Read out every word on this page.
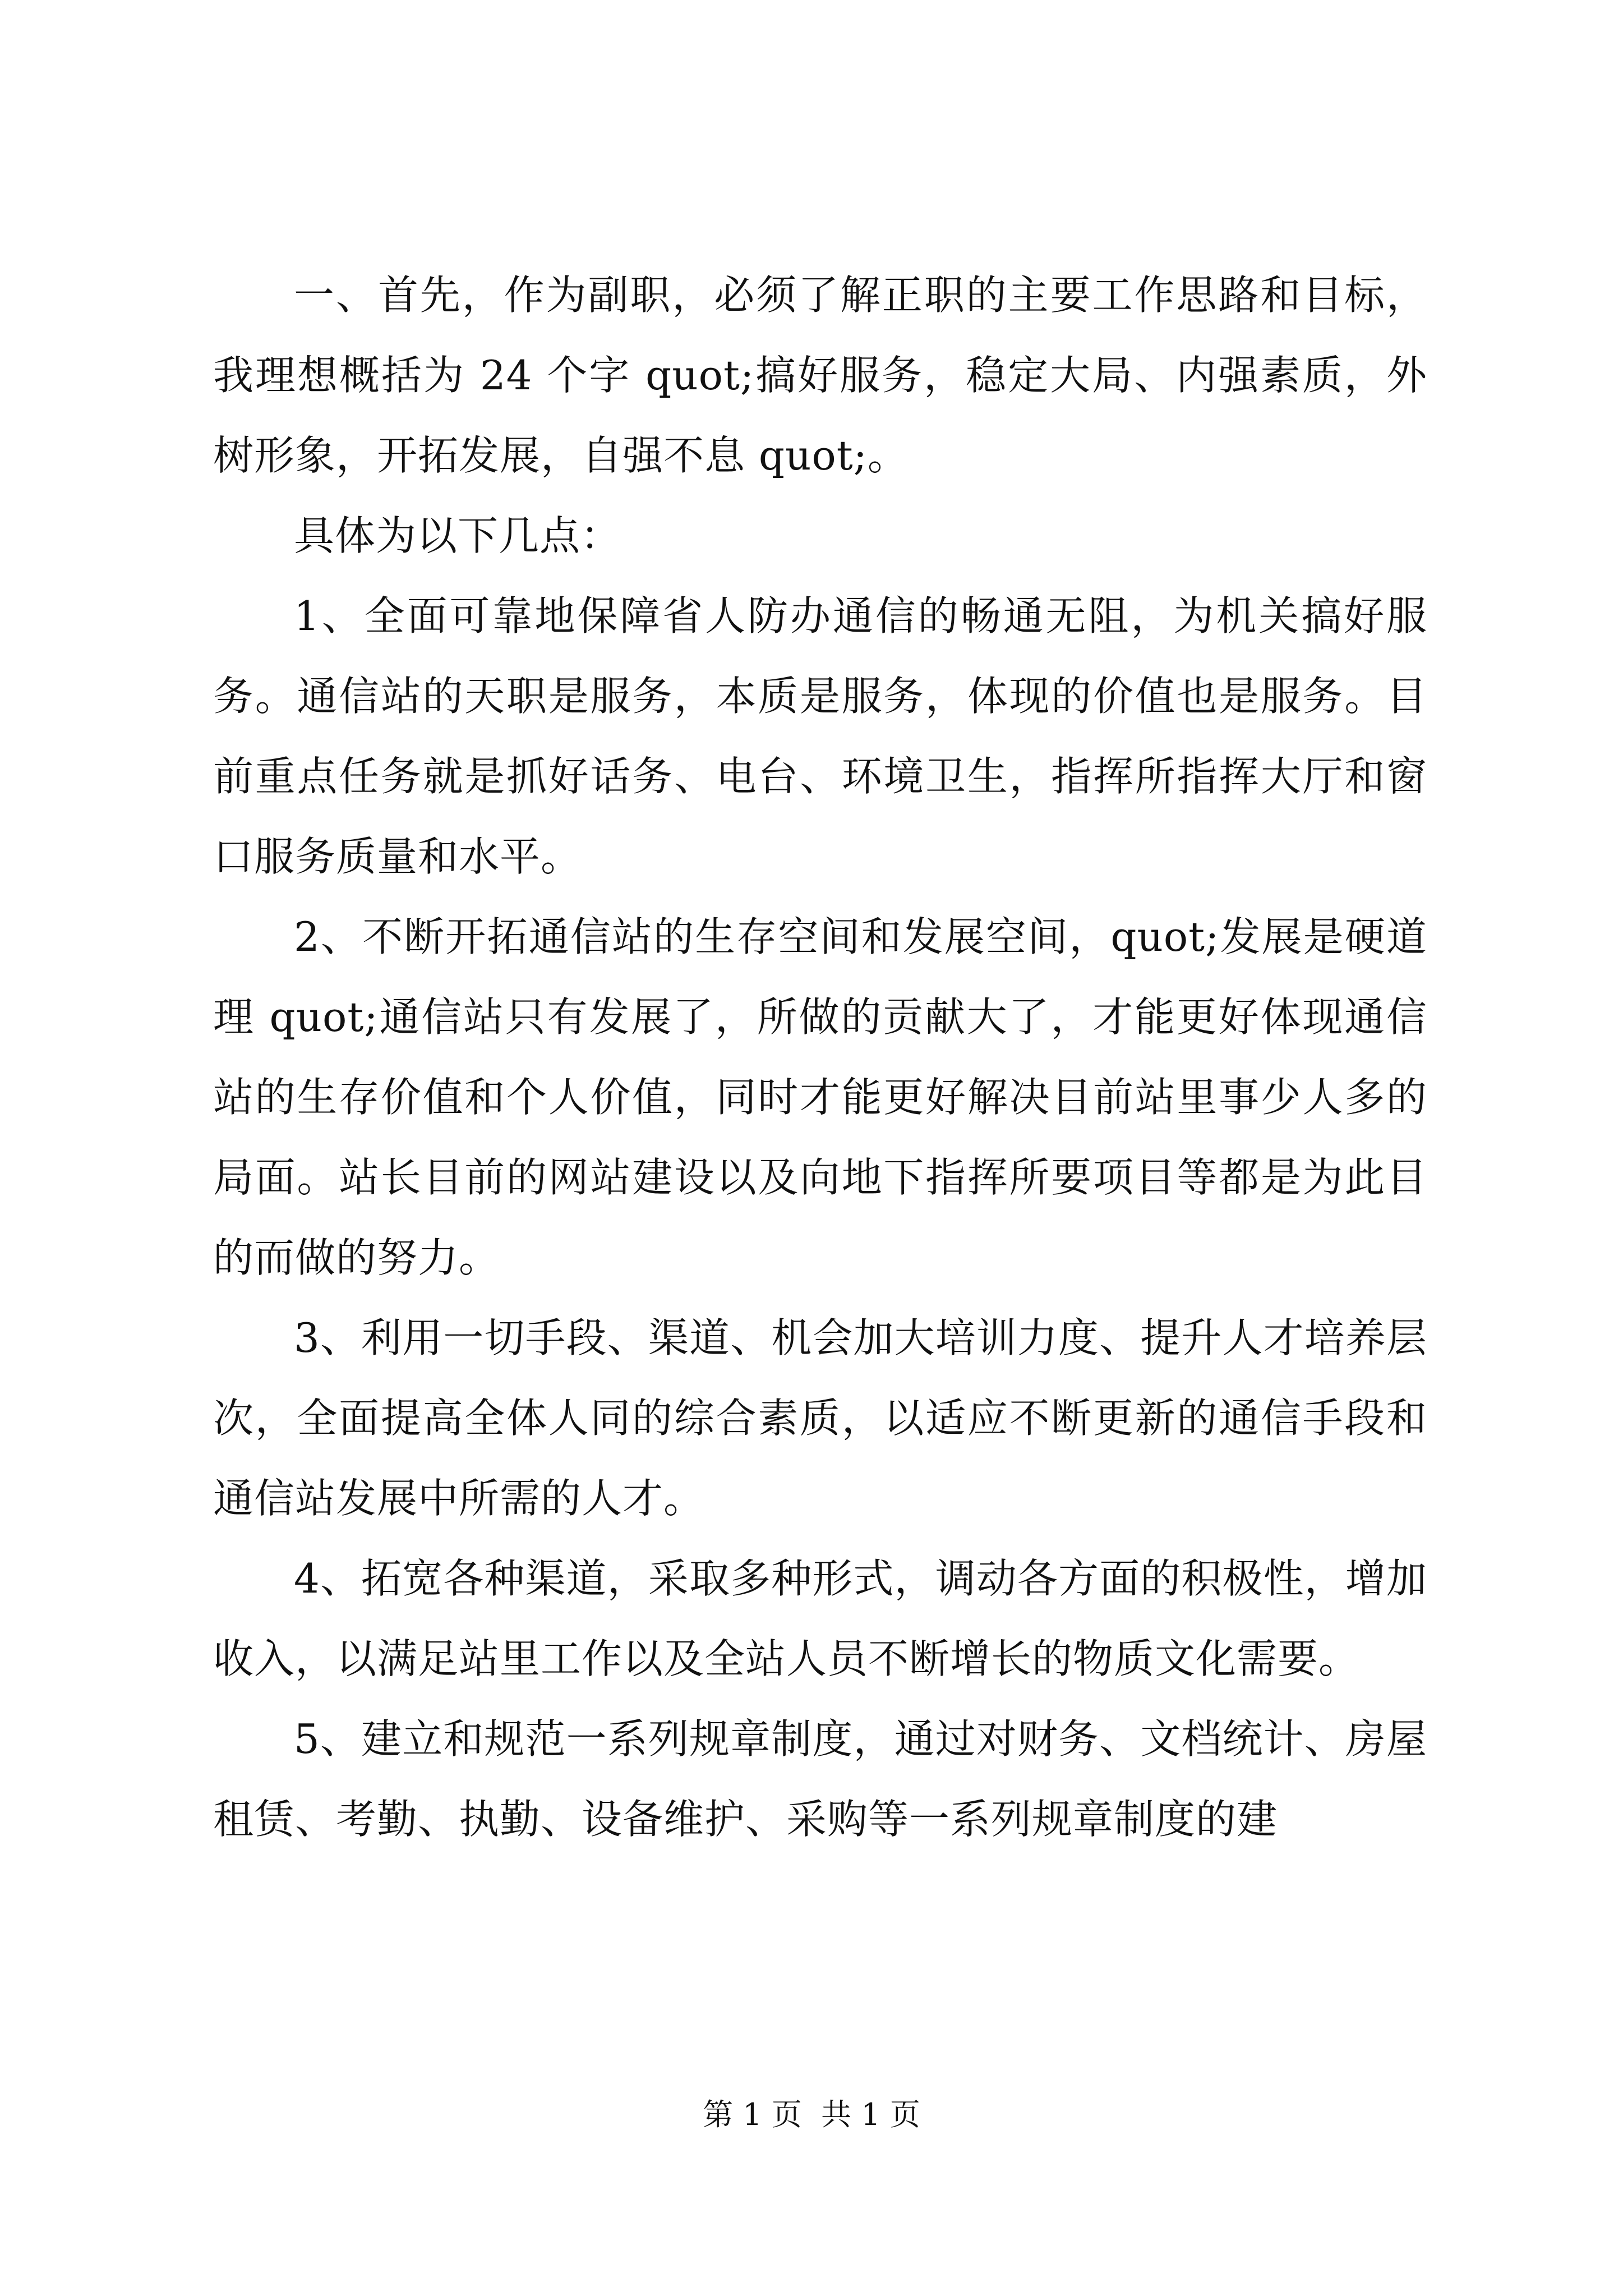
一、首先，作为副职，必须了解正职的主要工作思路和目标，我理想概括为 24 个字 quot;搞好服务，稳定大局、内强素质，外树形象，开拓发展，自强不息 quot;。

具体为以下几点：

1、全面可靠地保障省人防办通信的畅通无阻，为机关搞好服务。通信站的天职是服务，本质是服务，体现的价值也是服务。目前重点任务就是抓好话务、电台、环境卫生，指挥所指挥大厅和窗口服务质量和水平。

2、不断开拓通信站的生存空间和发展空间，quot;发展是硬道理 quot;通信站只有发展了，所做的贡献大了，才能更好体现通信站的生存价值和个人价值，同时才能更好解决目前站里事少人多的局面。站长目前的网站建设以及向地下指挥所要项目等都是为此目的而做的努力。

3、利用一切手段、渠道、机会加大培训力度、提升人才培养层次，全面提高全体人同的综合素质，以适应不断更新的通信手段和通信站发展中所需的人才。

4、拓宽各种渠道，采取多种形式，调动各方面的积极性，增加收入，以满足站里工作以及全站人员不断增长的物质文化需要。

5、建立和规范一系列规章制度，通过对财务、文档统计、房屋租赁、考勤、执勤、设备维护、采购等一系列规章制度的建

第 1 页  共 1 页
